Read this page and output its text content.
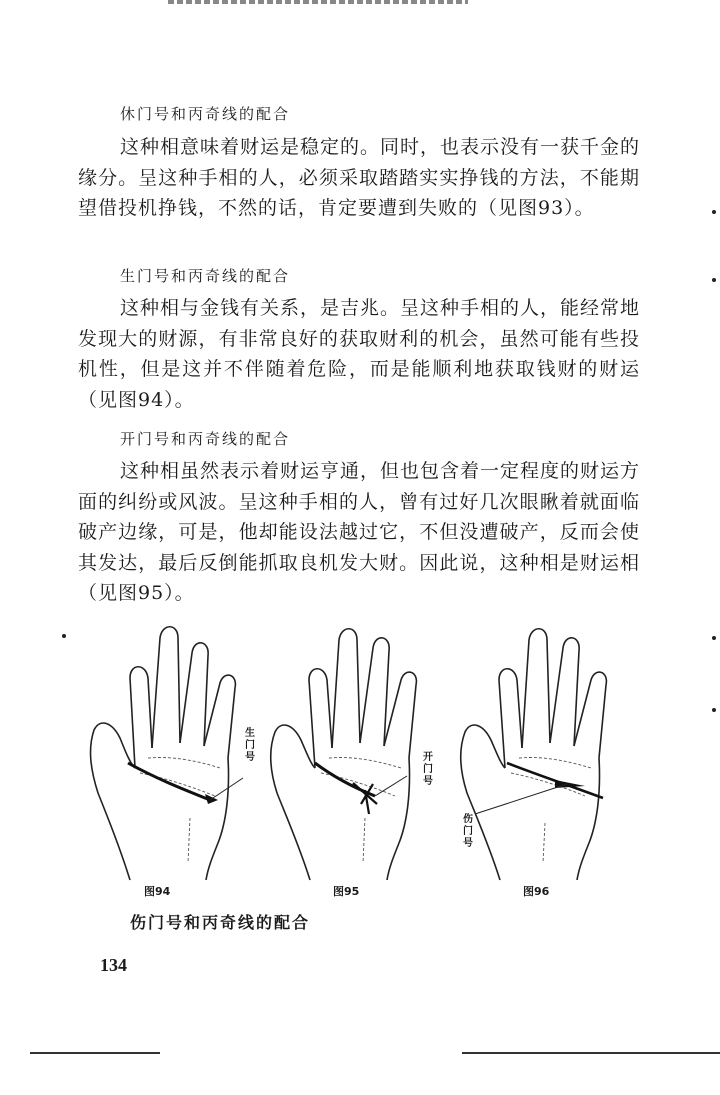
休门号和丙奇线的配合

这种相意味着财运是稳定的。同时，也表示没有一获千金的缘分。呈这种手相的人，必须采取踏踏实实挣钱的方法，不能期望借投机挣钱，不然的话，肯定要遭到失败的（见图93）。

生门号和丙奇线的配合

这种相与金钱有关系，是吉兆。呈这种手相的人，能经常地发现大的财源，有非常良好的获取财利的机会，虽然可能有些投机性，但是这并不伴随着危险，而是能顺利地获取钱财的财运（见图94）。

开门号和丙奇线的配合

这种相虽然表示着财运亨通，但也包含着一定程度的财运方面的纠纷或风波。呈这种手相的人，曾有过好几次眼瞅着就面临破产边缘，可是，他却能设法越过它，不但没遭破产，反而会使其发达，最后反倒能抓取良机发大财。因此说，这种相是财运相（见图95）。

生门号
图94
开门号
图95
伤门号
图96
伤门号和丙奇线的配合
134
